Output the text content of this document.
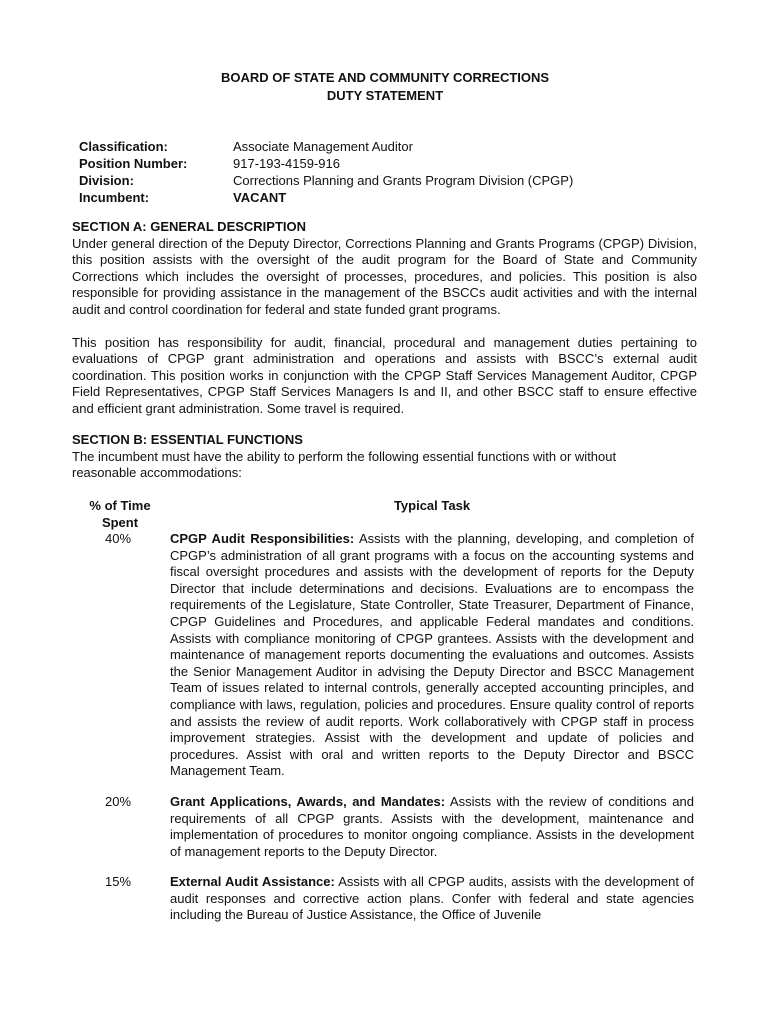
BOARD OF STATE AND COMMUNITY CORRECTIONS
DUTY STATEMENT
Classification:	Associate Management Auditor
Position Number:	917-193-4159-916
Division:	Corrections Planning and Grants Program Division (CPGP)
Incumbent:	VACANT
SECTION A: GENERAL DESCRIPTION

Under general direction of the Deputy Director, Corrections Planning and Grants Programs (CPGP) Division, this position assists with the oversight of the audit program for the Board of State and Community Corrections which includes the oversight of processes, procedures, and policies. This position is also responsible for providing assistance in the management of the BSCCs audit activities and with the internal audit and control coordination for federal and state funded grant programs.

This position has responsibility for audit, financial, procedural and management duties pertaining to evaluations of CPGP grant administration and operations and assists with BSCC’s external audit coordination. This position works in conjunction with the CPGP Staff Services Management Auditor, CPGP Field Representatives, CPGP Staff Services Managers Is and II, and other BSCC staff to ensure effective and efficient grant administration. Some travel is required.

SECTION B: ESSENTIAL FUNCTIONS
The incumbent must have the ability to perform the following essential functions with or without reasonable accommodations:
% of Time Spent
Typical Task
40%	CPGP Audit Responsibilities: Assists with the planning, developing, and completion of CPGP’s administration of all grant programs with a focus on the accounting systems and fiscal oversight procedures and assists with the development of reports for the Deputy Director that include determinations and decisions. Evaluations are to encompass the requirements of the Legislature, State Controller, State Treasurer, Department of Finance, CPGP Guidelines and Procedures, and applicable Federal mandates and conditions. Assists with compliance monitoring of CPGP grantees. Assists with the development and maintenance of management reports documenting the evaluations and outcomes. Assists the Senior Management Auditor in advising the Deputy Director and BSCC Management Team of issues related to internal controls, generally accepted accounting principles, and compliance with laws, regulation, policies and procedures. Ensure quality control of reports and assists the review of audit reports. Work collaboratively with CPGP staff in process improvement strategies. Assist with the development and update of policies and procedures. Assist with oral and written reports to the Deputy Director and BSCC Management Team.
20%	Grant Applications, Awards, and Mandates: Assists with the review of conditions and requirements of all CPGP grants. Assists with the development, maintenance and implementation of procedures to monitor ongoing compliance. Assists in the development of management reports to the Deputy Director.
15%	External Audit Assistance: Assists with all CPGP audits, assists with the development of audit responses and corrective action plans. Confer with federal and state agencies including the Bureau of Justice Assistance, the Office of Juvenile
